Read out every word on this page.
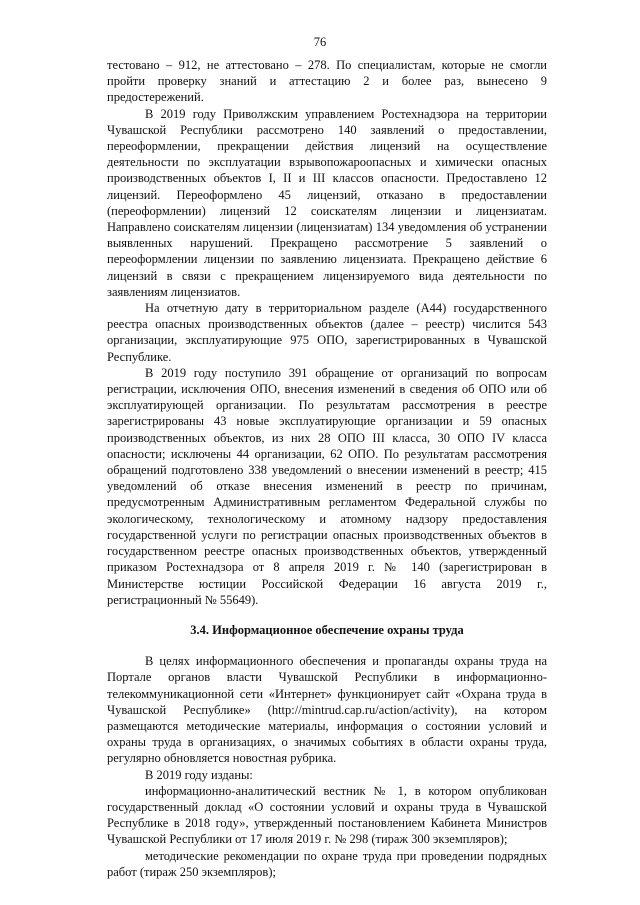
76

тестовано – 912, не аттестовано – 278. По специалистам, которые не смогли пройти проверку знаний и аттестацию 2 и более раз, вынесено 9 предостережений.

В 2019 году Приволжским управлением Ростехнадзора на территории Чувашской Республики рассмотрено 140 заявлений о предоставлении, переоформлении, прекращении действия лицензий на осуществление деятельности по эксплуатации взрывопожароопасных и химически опасных производственных объектов I, II и III классов опасности. Предоставлено 12 лицензий. Переоформлено 45 лицензий, отказано в предоставлении (переоформлении) лицензий 12 соискателям лицензии и лицензиатам. Направлено соискателям лицензии (лицензиатам) 134 уведомления об устранении выявленных нарушений. Прекращено рассмотрение 5 заявлений о переоформлении лицензии по заявлению лицензиата. Прекращено действие 6 лицензий в связи с прекращением лицензируемого вида деятельности по заявлениям лицензиатов.

На отчетную дату в территориальном разделе (А44) государственного реестра опасных производственных объектов (далее – реестр) числится 543 организации, эксплуатирующие 975 ОПО, зарегистрированных в Чувашской Республике.

В 2019 году поступило 391 обращение от организаций по вопросам регистрации, исключения ОПО, внесения изменений в сведения об ОПО или об эксплуатирующей организации. По результатам рассмотрения в реестре зарегистрированы 43 новые эксплуатирующие организации и 59 опасных производственных объектов, из них 28 ОПО III класса, 30 ОПО IV класса опасности; исключены 44 организации, 62 ОПО. По результатам рассмотрения обращений подготовлено 338 уведомлений о внесении изменений в реестр; 415 уведомлений об отказе внесения изменений в реестр по причинам, предусмотренным Административным регламентом Федеральной службы по экологическому, технологическому и атомному надзору предоставления государственной услуги по регистрации опасных производственных объектов в государственном реестре опасных производственных объектов, утвержденный приказом Ростехнадзора от 8 апреля 2019 г. № 140 (зарегистрирован в Министерстве юстиции Российской Федерации 16 августа 2019 г., регистрационный № 55649).

3.4. Информационное обеспечение охраны труда

В целях информационного обеспечения и пропаганды охраны труда на Портале органов власти Чувашской Республики в информационно-телекоммуникационной сети «Интернет» функционирует сайт «Охрана труда в Чувашской Республике» (http://mintrud.cap.ru/action/activity), на котором размещаются методические материалы, информация о состоянии условий и охраны труда в организациях, о значимых событиях в области охраны труда, регулярно обновляется новостная рубрика.

В 2019 году изданы:

информационно-аналитический вестник № 1, в котором опубликован государственный доклад «О состоянии условий и охраны труда в Чувашской Республике в 2018 году», утвержденный постановлением Кабинета Министров Чувашской Республики от 17 июля 2019 г. № 298 (тираж 300 экземпляров);

методические рекомендации по охране труда при проведении подрядных работ (тираж 250 экземпляров);
